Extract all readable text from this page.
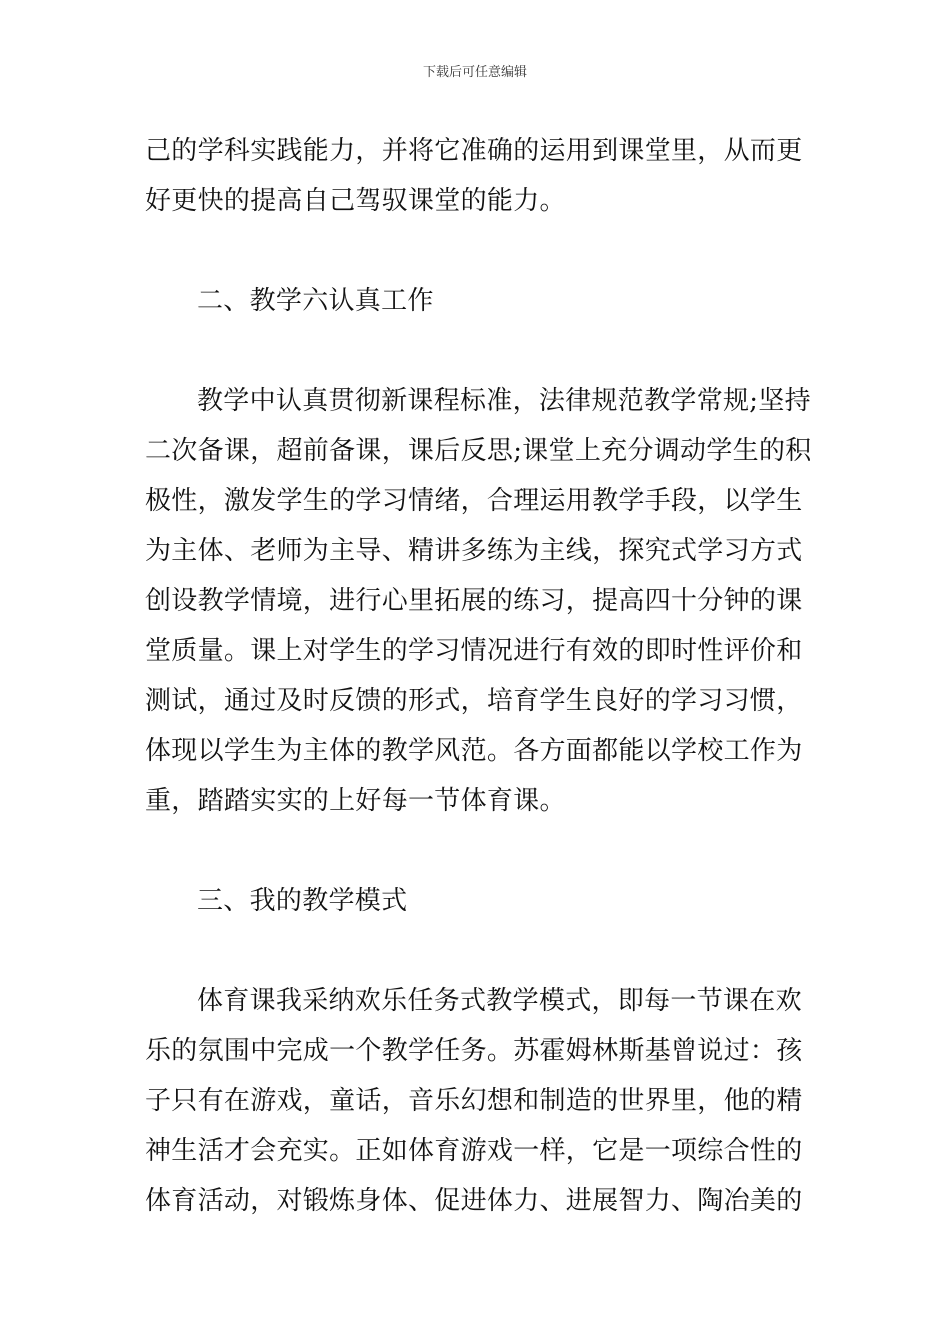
下载后可任意编辑

己的学科实践能力，并将它准确的运用到课堂里，从而更
好更快的提高自己驾驭课堂的能力。

二、教学六认真工作

教学中认真贯彻新课程标准，法律规范教学常规;坚持
二次备课，超前备课，课后反思;课堂上充分调动学生的积
极性，激发学生的学习情绪，合理运用教学手段，以学生
为主体、老师为主导、精讲多练为主线，探究式学习方式
创设教学情境，进行心里拓展的练习，提高四十分钟的课
堂质量。课上对学生的学习情况进行有效的即时性评价和
测试，通过及时反馈的形式，培育学生良好的学习习惯，
体现以学生为主体的教学风范。各方面都能以学校工作为
重，踏踏实实的上好每一节体育课。

三、我的教学模式

体育课我采纳欢乐任务式教学模式，即每一节课在欢
乐的氛围中完成一个教学任务。苏霍姆林斯基曾说过：孩
子只有在游戏，童话，音乐幻想和制造的世界里，他的精
神生活才会充实。正如体育游戏一样，它是一项综合性的
体育活动，对锻炼身体、促进体力、进展智力、陶冶美的
